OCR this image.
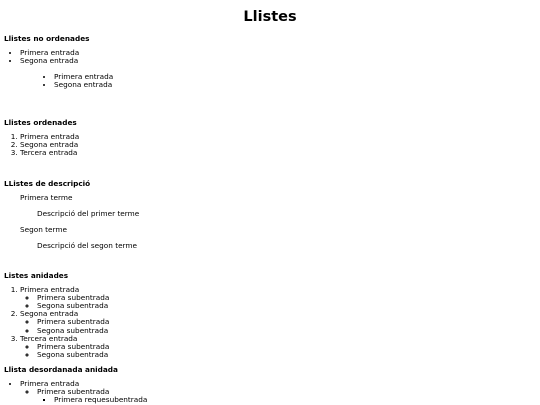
Llistes
Llistes no ordenades
• Primera entrada
• Segona entrada
• Primera entrada
• Segona entrada
Llistes ordenades
1. Primera entrada
2. Segona entrada
3. Tercera entrada
LListes de descripció
Primera terme
Descripció del primer terme
Segon terme
Descripció del segon terme
Listes anidades
1. Primera entrada
◦ Primera subentrada
◦ Segona subentrada
2. Segona entrada
◦ Primera subentrada
◦ Segona subentrada
3. Tercera entrada
◦ Primera subentrada
◦ Segona subentrada
Llista desordanada anidada
• Primera entrada
◦ Primera subentrada
▪ Primera requesubentrada
